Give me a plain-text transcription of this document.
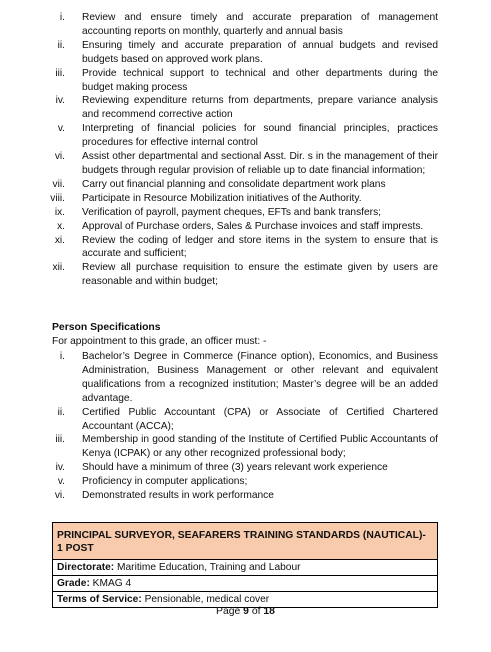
i. Review and ensure timely and accurate preparation of management accounting reports on monthly, quarterly and annual basis
ii. Ensuring timely and accurate preparation of annual budgets and revised budgets based on approved work plans.
iii. Provide technical support to technical and other departments during the budget making process
iv. Reviewing expenditure returns from departments, prepare variance analysis and recommend corrective action
v. Interpreting of financial policies for sound financial principles, practices procedures for effective internal control
vi. Assist other departmental and sectional Asst. Dir. s in the management of their budgets through regular provision of reliable up to date financial information;
vii. Carry out financial planning and consolidate department work plans
viii. Participate in Resource Mobilization initiatives of the Authority.
ix. Verification of payroll, payment cheques, EFTs and bank transfers;
x. Approval of Purchase orders, Sales & Purchase invoices and staff imprests.
xi. Review the coding of ledger and store items in the system to ensure that is accurate and sufficient;
xii. Review all purchase requisition to ensure the estimate given by users are reasonable and within budget;
Person Specifications
For appointment to this grade, an officer must: -
i. Bachelor’s Degree in Commerce (Finance option), Economics, and Business Administration, Business Management or other relevant and equivalent qualifications from a recognized institution; Master’s degree will be an added advantage.
ii. Certified Public Accountant (CPA) or Associate of Certified Chartered Accountant (ACCA);
iii. Membership in good standing of the Institute of Certified Public Accountants of Kenya (ICPAK) or any other recognized professional body;
iv. Should have a minimum of three (3) years relevant work experience
v. Proficiency in computer applications;
vi. Demonstrated results in work performance
PRINCIPAL SURVEYOR, SEAFARERS TRAINING STANDARDS (NAUTICAL)- 1 POST
Directorate: Maritime Education, Training and Labour
Grade: KMAG 4
Terms of Service: Pensionable, medical cover
Page 9 of 18
